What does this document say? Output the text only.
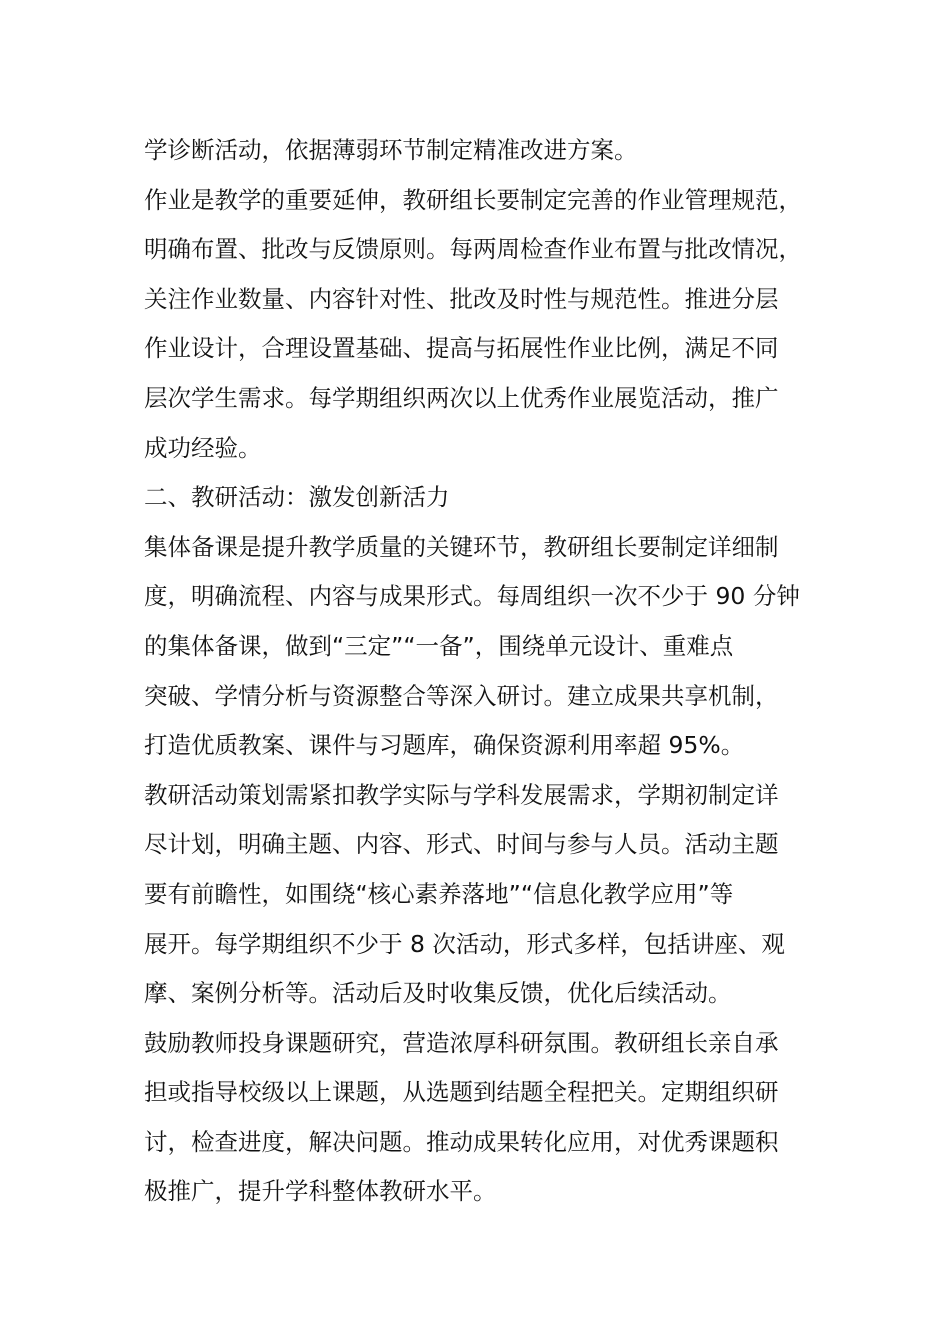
学诊断活动，依据薄弱环节制定精准改进方案。
作业是教学的重要延伸，教研组长要制定完善的作业管理规范，
明确布置、批改与反馈原则。每两周检查作业布置与批改情况，
关注作业数量、内容针对性、批改及时性与规范性。推进分层
作业设计，合理设置基础、提高与拓展性作业比例，满足不同
层次学生需求。每学期组织两次以上优秀作业展览活动，推广
成功经验。
二、教研活动：激发创新活力
集体备课是提升教学质量的关键环节，教研组长要制定详细制
度，明确流程、内容与成果形式。每周组织一次不少于 90 分钟
的集体备课，做到“三定”“一备”，围绕单元设计、重难点
突破、学情分析与资源整合等深入研讨。建立成果共享机制，
打造优质教案、课件与习题库，确保资源利用率超 95%。
教研活动策划需紧扣教学实际与学科发展需求，学期初制定详
尽计划，明确主题、内容、形式、时间与参与人员。活动主题
要有前瞻性，如围绕“核心素养落地”“信息化教学应用”等
展开。每学期组织不少于 8 次活动，形式多样，包括讲座、观
摩、案例分析等。活动后及时收集反馈，优化后续活动。
鼓励教师投身课题研究，营造浓厚科研氛围。教研组长亲自承
担或指导校级以上课题，从选题到结题全程把关。定期组织研
讨，检查进度，解决问题。推动成果转化应用，对优秀课题积
极推广，提升学科整体教研水平。
